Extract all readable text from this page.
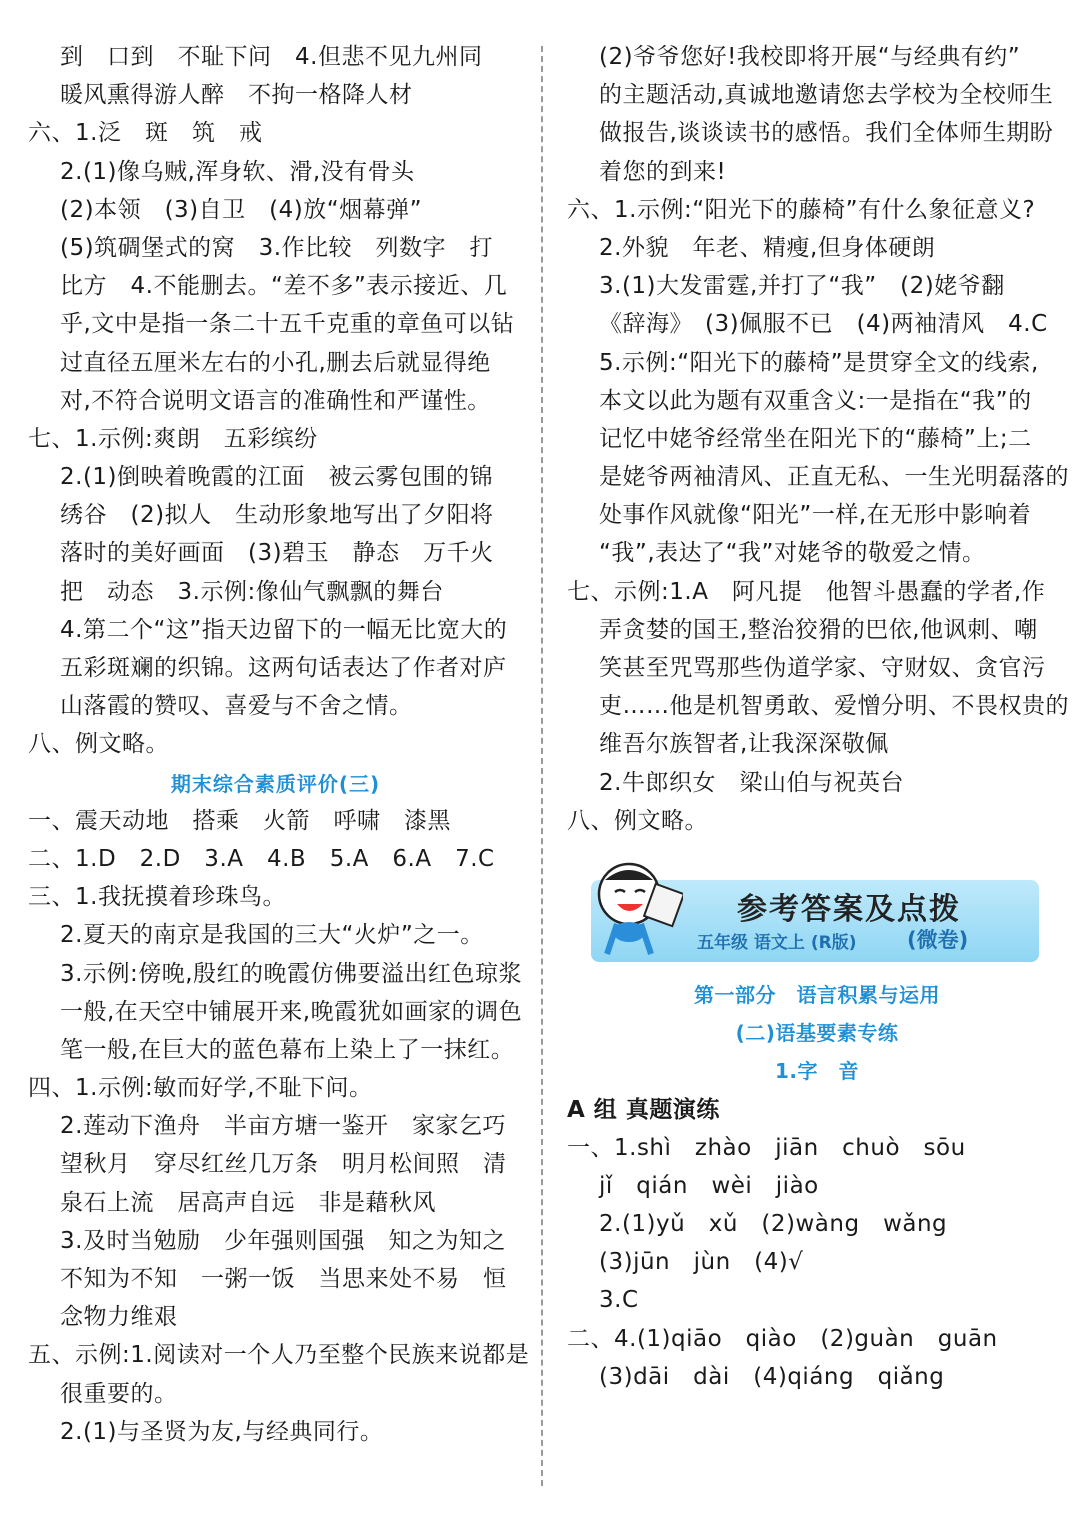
到　口到　不耻下问　4.但悲不见九州同
暖风熏得游人醉　不拘一格降人材
六、1.泛　斑　筑　戒
2.(1)像乌贼,浑身软、滑,没有骨头
(2)本领　(3)自卫　(4)放“烟幕弹”
(5)筑碉堡式的窝　3.作比较　列数字　打
比方　4.不能删去。“差不多”表示接近、几
乎,文中是指一条二十五千克重的章鱼可以钻
过直径五厘米左右的小孔,删去后就显得绝
对,不符合说明文语言的准确性和严谨性。
七、1.示例:爽朗　五彩缤纷
2.(1)倒映着晚霞的江面　被云雾包围的锦
绣谷　(2)拟人　生动形象地写出了夕阳将
落时的美好画面　(3)碧玉　静态　万千火
把　动态　3.示例:像仙气飘飘的舞台
4.第二个“这”指天边留下的一幅无比宽大的
五彩斑斓的织锦。这两句话表达了作者对庐
山落霞的赞叹、喜爱与不舍之情。
八、例文略。
期末综合素质评价(三)
一、震天动地　搭乘　火箭　呼啸　漆黑
二、1.D　2.D　3.A　4.B　5.A　6.A　7.C
三、1.我抚摸着珍珠鸟。
2.夏天的南京是我国的三大“火炉”之一。
3.示例:傍晚,殷红的晚霞仿佛要溢出红色琼浆
一般,在天空中铺展开来,晚霞犹如画家的调色
笔一般,在巨大的蓝色幕布上染上了一抹红。
四、1.示例:敏而好学,不耻下问。
2.莲动下渔舟　半亩方塘一鉴开　家家乞巧
望秋月　穿尽红丝几万条　明月松间照　清
泉石上流　居高声自远　非是藉秋风
3.及时当勉励　少年强则国强　知之为知之
不知为不知　一粥一饭　当思来处不易　恒
念物力维艰
五、示例:1.阅读对一个人乃至整个民族来说都是
很重要的。
2.(1)与圣贤为友,与经典同行。
(2)爷爷您好!我校即将开展“与经典有约”
的主题活动,真诚地邀请您去学校为全校师生
做报告,谈谈读书的感悟。我们全体师生期盼
着您的到来!
六、1.示例:“阳光下的藤椅”有什么象征意义?
2.外貌　年老、精瘦,但身体硬朗
3.(1)大发雷霆,并打了“我”　(2)姥爷翻
《辞海》　(3)佩服不已　(4)两袖清风　4.C
5.示例:“阳光下的藤椅”是贯穿全文的线索,
本文以此为题有双重含义:一是指在“我”的
记忆中姥爷经常坐在阳光下的“藤椅”上;二
是姥爷两袖清风、正直无私、一生光明磊落的
处事作风就像“阳光”一样,在无形中影响着
“我”,表达了“我”对姥爷的敬爱之情。
七、示例:1.A　阿凡提　他智斗愚蠢的学者,作
弄贪婪的国王,整治狡猾的巴依,他讽刺、嘲
笑甚至咒骂那些伪道学家、守财奴、贪官污
吏……他是机智勇敢、爱憎分明、不畏权贵的
维吾尔族智者,让我深深敬佩
2.牛郎织女　梁山伯与祝英台
八、例文略。
参考答案及点拨
五年级 语文上 (R版) (微卷)
第一部分　语言积累与运用
(二)语基要素专练
1.字　音
A 组 真题演练
一、1.shì　zhào　jiān　chuò　sōu
jǐ　qián　wèi　jiào
2.(1)yǔ　xǔ　(2)wàng　wǎng
(3)jūn　jùn　(4)√
3.C
二、4.(1)qiāo　qiào　(2)guàn　guān
(3)dāi　dài　(4)qiáng　qiǎng
